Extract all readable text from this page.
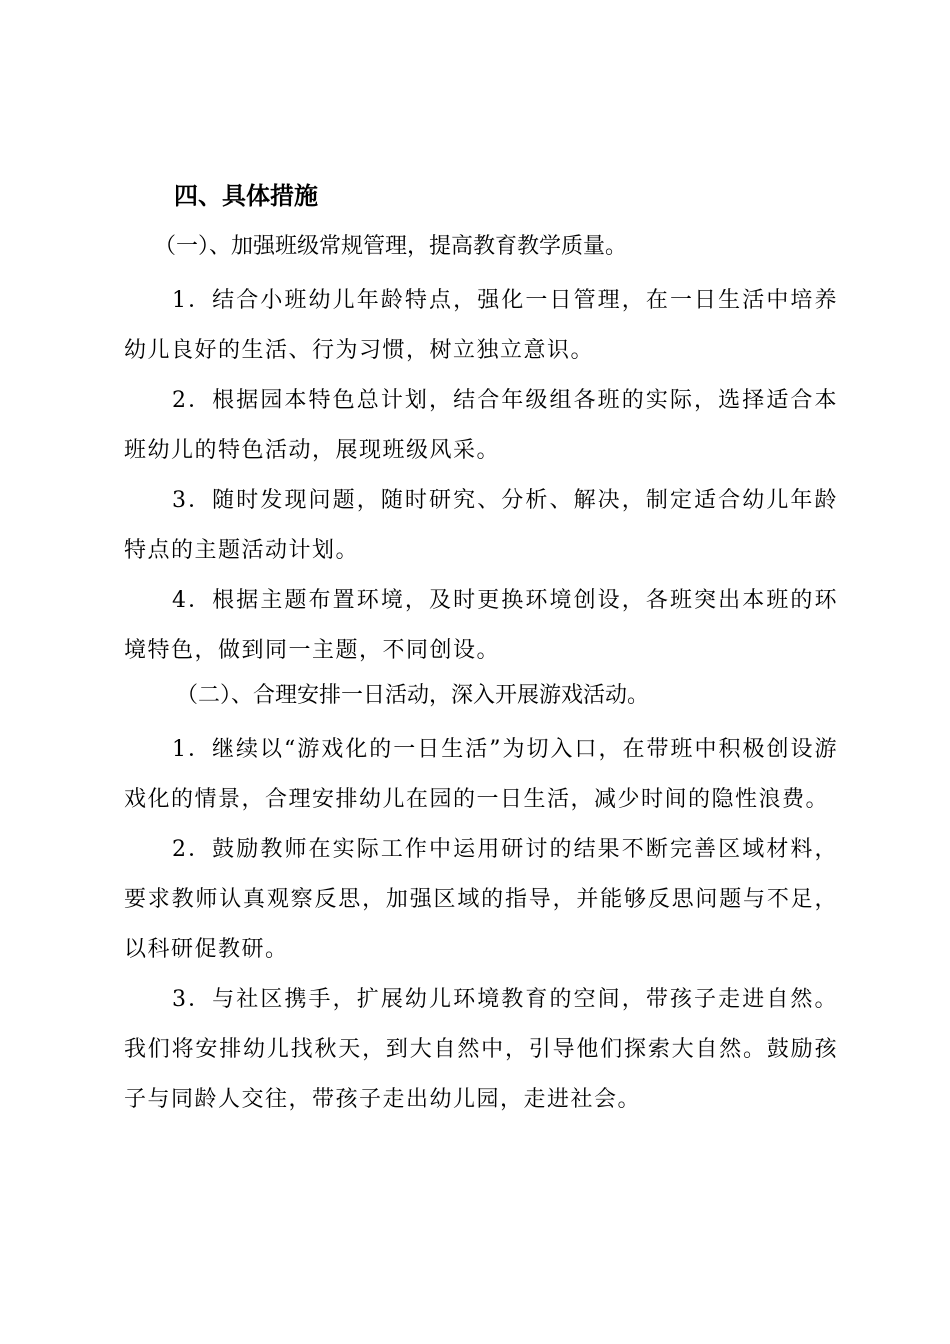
四、具体措施
（一）、加强班级常规管理，提高教育教学质量。

1．结合小班幼儿年龄特点，强化一日管理，在一日生活中培养幼儿良好的生活、行为习惯，树立独立意识。

2．根据园本特色总计划，结合年级组各班的实际，选择适合本班幼儿的特色活动，展现班级风采。

3．随时发现问题，随时研究、分析、解决，制定适合幼儿年龄特点的主题活动计划。

4．根据主题布置环境，及时更换环境创设，各班突出本班的环境特色，做到同一主题，不同创设。

（二）、合理安排一日活动，深入开展游戏活动。

1．继续以“游戏化的一日生活”为切入口，在带班中积极创设游戏化的情景，合理安排幼儿在园的一日生活，减少时间的隐性浪费。

2．鼓励教师在实际工作中运用研讨的结果不断完善区域材料，要求教师认真观察反思，加强区域的指导，并能够反思问题与不足，以科研促教研。

3．与社区携手，扩展幼儿环境教育的空间，带孩子走进自然。我们将安排幼儿找秋天，到大自然中，引导他们探索大自然。鼓励孩子与同龄人交往，带孩子走出幼儿园，走进社会。
